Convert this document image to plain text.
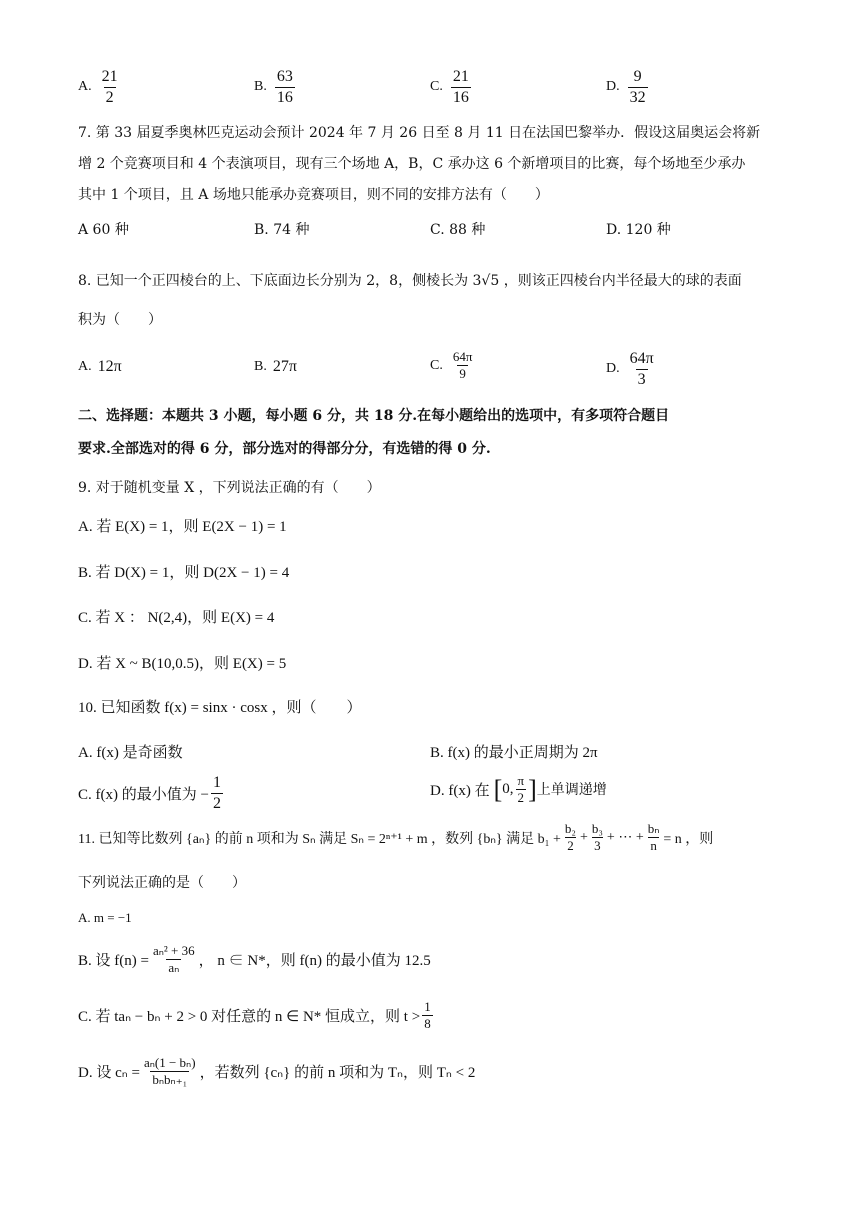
A. $\frac{21}{2}$	B. $\frac{63}{16}$	C. $\frac{21}{16}$	D. $\frac{9}{32}$
7. 第 33 届夏季奥林匹克运动会预计 2024 年 7 月 26 日至 8 月 11 日在法国巴黎举办．假设这届奥运会将新
增 2 个竞赛项目和 4 个表演项目，现有三个场地 A，B，C 承办这 6 个新增项目的比赛，每个场地至少承办
其中 1 个项目，且 A 场地只能承办竞赛项目，则不同的安排方法有（　　）
A 60 种	B. 74 种	C. 88 种	D. 120 种
8. 已知一个正四棱台的上、下底面边长分别为 2，8，侧棱长为 3√5 ，则该正四棱台内半径最大的球的表面
积为（　　）
A. 12π	B. 27π	C. $\frac{64\pi}{9}$	D. $\frac{64\pi}{3}$
二、选择题：本题共 3 小题，每小题 6 分，共 18 分.在每小题给出的选项中，有多项符合题目
要求.全部选对的得 6 分，部分选对的得部分分，有选错的得 0 分.
9. 对于随机变量 X ，下列说法正确的有（　　）
A. 若 E(X) = 1，则 E(2X − 1) = 1
B. 若 D(X) = 1，则 D(2X − 1) = 4
C. 若 X ： N(2,4)，则 E(X) = 4
D. 若 X ~ B(10,0.5)，则 E(X) = 5
10. 已知函数 f(x) = sinx · cosx ，则（　　）
A. f(x) 是奇函数	B. f(x) 的最小正周期为 2π
C. f(x) 的最小值为 − $\frac{1}{2}$	D. f(x) 在 [ 0, $\frac{\pi}{2}$ ] 上单调递增
11. 已知等比数列 {aₙ} 的前 n 项和为 Sₙ 满足 Sₙ = 2ⁿ⁺¹ + m ，数列 {bₙ} 满足 $b_1 + \frac{\text{b₂}}{2} + \frac{\text{b₃}}{3}$ + ⋯ + $\frac{\text{bₙ}}{n} = n$ ，则
下列说法正确的是（　　）
A. m = −1
B. 设 $f(n) = \frac{\text{aₙ² + 36}}{\text{aₙ}}$ ， n ∈ N*，则 f(n) 的最小值为 12.5
C. 若 taₙ − bₙ + 2 > 0 对任意的 n ∈ N* 恒成立，则 $t > \frac{1}{8}$
D. 设 $c_n = \frac{\text{aₙ(1 − bₙ)}}{\text{bₙbₙ₊₁}}$ ，若数列 {cₙ} 的前 n 项和为 Tₙ，则 Tₙ < 2
